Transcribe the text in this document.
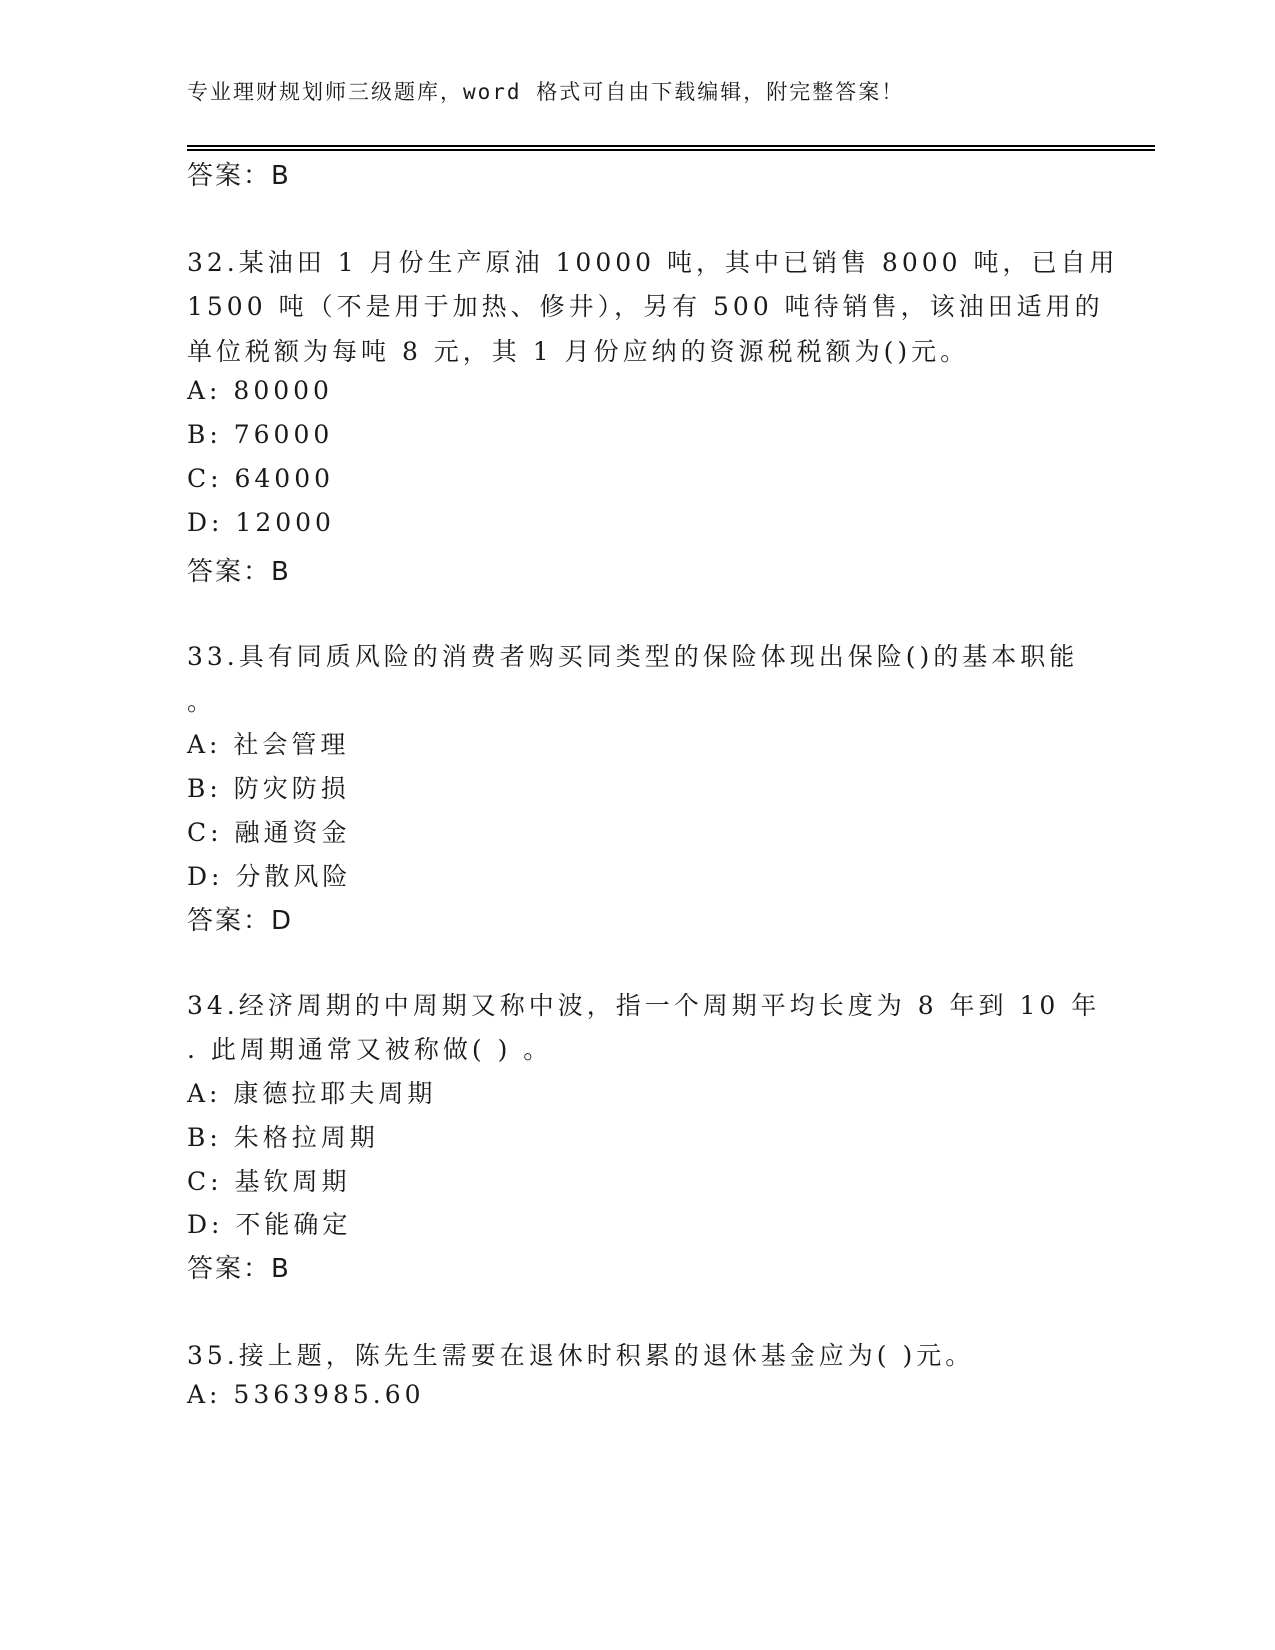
专业理财规划师三级题库，word 格式可自由下载编辑，附完整答案！
答案：B
32.某油田 1 月份生产原油 10000 吨，其中已销售 8000 吨，已自用
1500 吨（不是用于加热、修井），另有 500 吨待销售，该油田适用的
单位税额为每吨 8 元，其 1 月份应纳的资源税税额为()元。
A: 80000
B: 76000
C: 64000
D: 12000
答案：B
33.具有同质风险的消费者购买同类型的保险体现出保险()的基本职能
。
A: 社会管理
B: 防灾防损
C: 融通资金
D: 分散风险
答案：D
34.经济周期的中周期又称中波，指一个周期平均长度为 8 年到 10 年
. 此周期通常又被称做( ) 。
A: 康德拉耶夫周期
B: 朱格拉周期
C: 基钦周期
D: 不能确定
答案：B
35.接上题，陈先生需要在退休时积累的退休基金应为( )元。
A: 5363985.60
